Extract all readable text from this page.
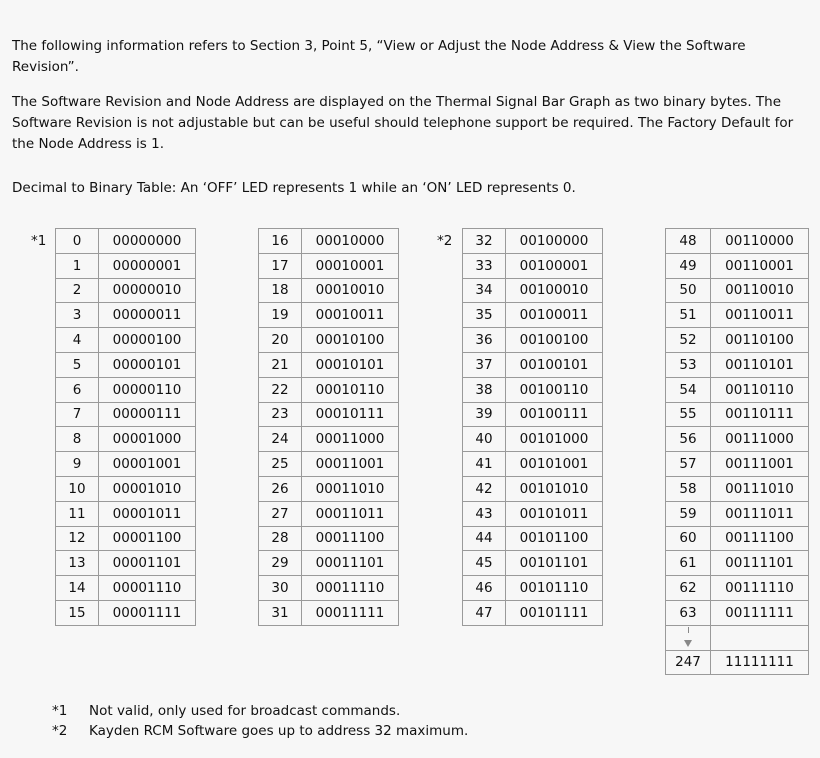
The following information refers to Section 3, Point 5, “View or Adjust the Node Address & View the Software Revision”.

The Software Revision and Node Address are displayed on the Thermal Signal Bar Graph as two binary bytes. The Software Revision is not adjustable but can be useful should telephone support be required. The Factory Default for the Node Address is 1.

Decimal to Binary Table: An ‘OFF’ LED represents 1 while an ‘ON’ LED represents 0.

*1	*2
0	00000000
1	00000001
2	00000010
3	00000011
4	00000100
5	00000101
6	00000110
7	00000111
8	00001000
9	00001001
10	00001010
11	00001011
12	00001100
13	00001101
14	00001110
15	00001111
16	00010000
17	00010001
18	00010010
19	00010011
20	00010100
21	00010101
22	00010110
23	00010111
24	00011000
25	00011001
26	00011010
27	00011011
28	00011100
29	00011101
30	00011110
31	00011111
32	00100000
33	00100001
34	00100010
35	00100011
36	00100100
37	00100101
38	00100110
39	00100111
40	00101000
41	00101001
42	00101010
43	00101011
44	00101100
45	00101101
46	00101110
47	00101111
48	00110000
49	00110001
50	00110010
51	00110011
52	00110100
53	00110101
54	00110110
55	00110111
56	00111000
57	00111001
58	00111010
59	00111011
60	00111100
61	00111101
62	00111110
63	00111111

247	11111111
*1 Not valid, only used for broadcast commands.
*2 Kayden RCM Software goes up to address 32 maximum.
